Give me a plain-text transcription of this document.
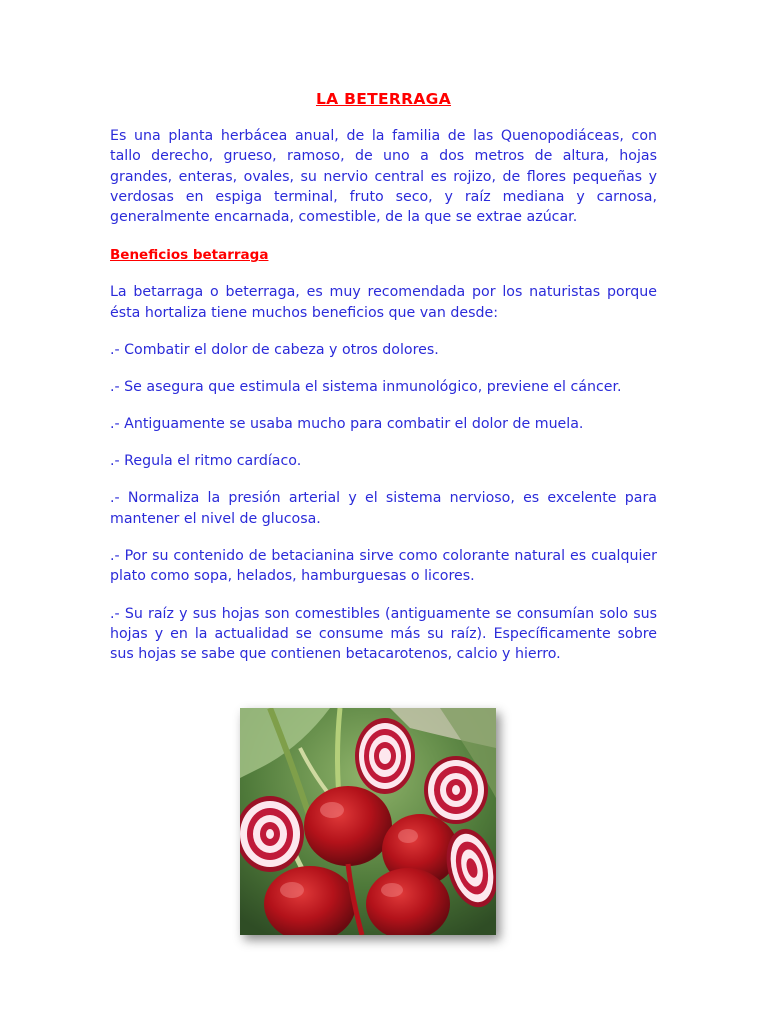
LA BETERRAGA

Es una planta herbácea anual, de la familia de las Quenopodiáceas, con tallo derecho, grueso, ramoso, de uno a dos metros de altura, hojas grandes, enteras, ovales, su nervio central es rojizo, de flores pequeñas y verdosas en espiga terminal, fruto seco, y raíz mediana y carnosa, generalmente encarnada, comestible, de la que se extrae azúcar.

Beneficios betarraga

La betarraga o beterraga, es muy recomendada por los naturistas porque ésta hortaliza tiene muchos beneficios que van desde:

.- Combatir el dolor de cabeza y otros dolores.

.- Se asegura que estimula el sistema inmunológico, previene el cáncer.

.- Antiguamente se usaba mucho para combatir el dolor de muela.

.- Regula el ritmo cardíaco.

.- Normaliza la presión arterial y el sistema nervioso, es excelente para mantener el nivel de glucosa.

.- Por su contenido de betacianina sirve como colorante natural es cualquier plato como sopa, helados, hamburguesas o licores.

.- Su raíz y sus hojas son comestibles (antiguamente se consumían solo sus hojas y en la actualidad se consume más su raíz). Específicamente sobre sus hojas se sabe que contienen betacarotenos, calcio y hierro.
